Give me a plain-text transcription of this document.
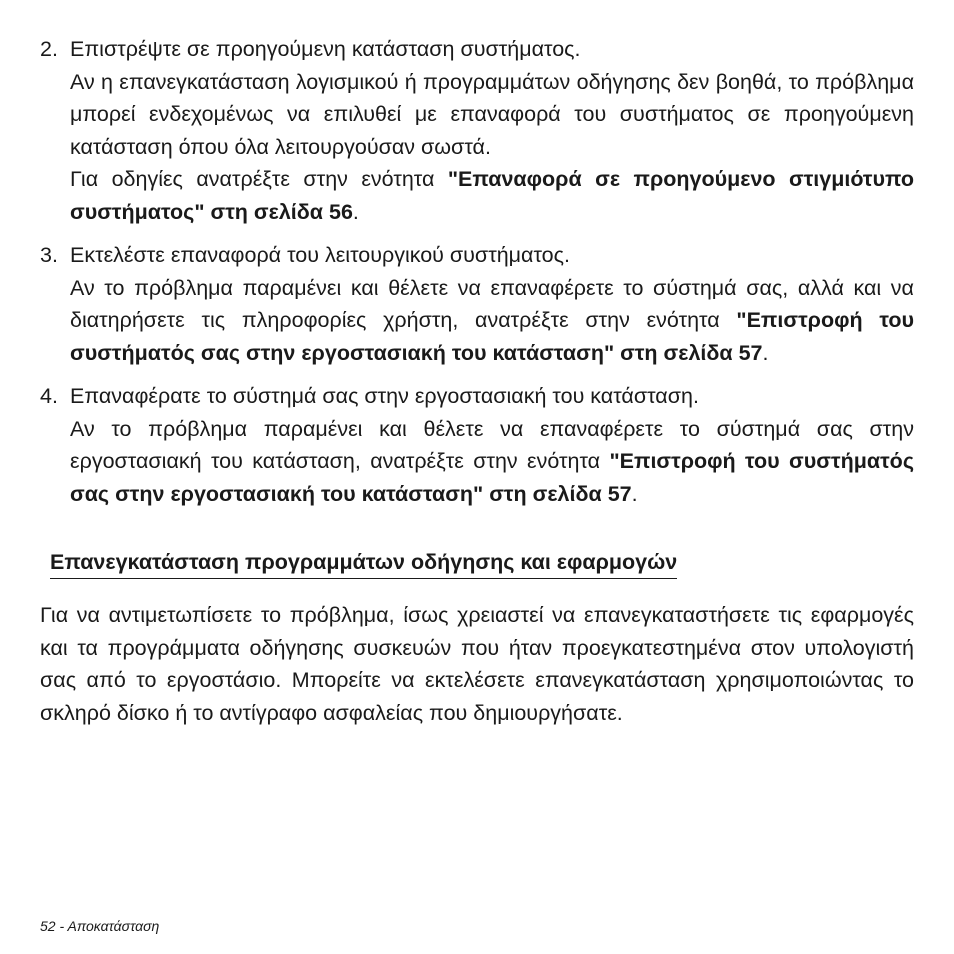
2. Επιστρέψτε σε προηγούμενη κατάσταση συστήματος.

Αν η επανεγκατάσταση λογισμικού ή προγραμμάτων οδήγησης δεν βοηθά, το πρόβλημα μπορεί ενδεχομένως να επιλυθεί με επαναφορά του συστήματος σε προηγούμενη κατάσταση όπου όλα λειτουργούσαν σωστά.

Για οδηγίες ανατρέξτε στην ενότητα "Επαναφορά σε προηγούμενο στιγμιότυπο συστήματος" στη σελίδα 56.

3. Εκτελέστε επαναφορά του λειτουργικού συστήματος.

Αν το πρόβλημα παραμένει και θέλετε να επαναφέρετε το σύστημά σας, αλλά και να διατηρήσετε τις πληροφορίες χρήστη, ανατρέξτε στην ενότητα "Επιστροφή του συστήματός σας στην εργοστασιακή του κατάσταση" στη σελίδα 57.

4. Επαναφέρατε το σύστημά σας στην εργοστασιακή του κατάσταση.

Αν το πρόβλημα παραμένει και θέλετε να επαναφέρετε το σύστημά σας στην εργοστασιακή του κατάσταση, ανατρέξτε στην ενότητα "Επιστροφή του συστήματός σας στην εργοστασιακή του κατάσταση" στη σελίδα 57.

Επανεγκατάσταση προγραμμάτων οδήγησης και εφαρμογών

Για να αντιμετωπίσετε το πρόβλημα, ίσως χρειαστεί να επανεγκαταστήσετε τις εφαρμογές και τα προγράμματα οδήγησης συσκευών που ήταν προεγκατεστημένα στον υπολογιστή σας από το εργοστάσιο. Μπορείτε να εκτελέσετε επανεγκατάσταση χρησιμοποιώντας το σκληρό δίσκο ή το αντίγραφο ασφαλείας που δημιουργήσατε.

52 - Αποκατάσταση
